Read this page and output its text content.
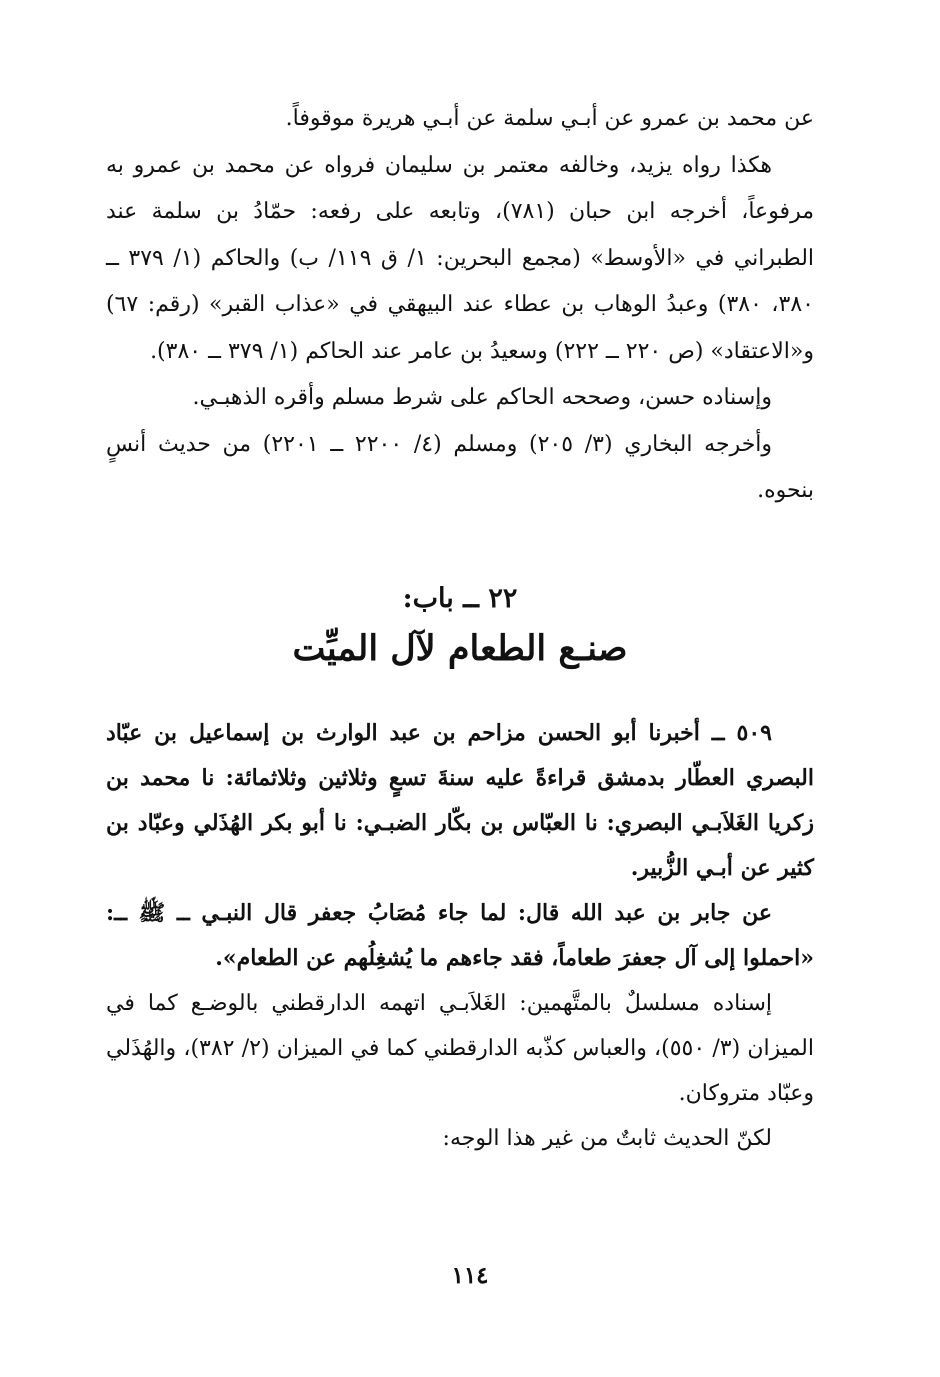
عن محمد بن عمرو عن أبـي سلمة عن أبـي هريرة موقوفاً.

هكذا رواه يزيد، وخالفه معتمر بن سليمان فرواه عن محمد بن عمرو به مرفوعاً، أخرجه ابن حبان (٧٨١)، وتابعه على رفعه: حمّادُ بن سلمة عند الطبراني في «الأوسط» (مجمع البحرين: ١/ ق ١١٩/ ب) والحاكم (١/ ٣٧٩ ــ ٣٨٠، ٣٨٠) وعبدُ الوهاب بن عطاء عند البيهقي في «عذاب القبر» (رقم: ٦٧) و«الاعتقاد» (ص ٢٢٠ ــ ٢٢٢) وسعيدُ بن عامر عند الحاكم (١/ ٣٧٩ ــ ٣٨٠).

وإسناده حسن، وصححه الحاكم على شرط مسلم وأقره الذهبـي.

وأخرجه البخاري (٣/ ٢٠٥) ومسلم (٤/ ٢٢٠٠ ــ ٢٢٠١) من حديث أنسٍ بنحوه.

٢٢ ــ باب:
صنـع الطعام لآل الميِّت

٥٠٩ ــ أخبرنا أبو الحسن مزاحم بن عبد الوارث بن إسماعيل بن عبّاد البصري العطّار بدمشق قراءةً عليه سنةَ تسعٍ وثلاثين وثلاثمائة: نا محمد بن زكريا الغَلاَبـي البصري: نا العبّاس بن بكّار الضبـي: نا أبو بكر الهُذَلي وعبّاد بن كثير عن أبـي الزُّبير.

عن جابر بن عبد الله قال: لما جاء مُصَابُ جعفر قال النبـي ــ ﷺ ــ: «احملوا إلى آل جعفرَ طعاماً، فقد جاءهم ما يُشغِلُهم عن الطعام».

إسناده مسلسلٌ بالمتَّهمين: الغَلاَبـي اتهمه الدارقطني بالوضـع كما في الميزان (٣/ ٥٥٠)، والعباس كذّبه الدارقطني كما في الميزان (٢/ ٣٨٢)، والهُذَلي وعبّاد متروكان.

لكنّ الحديث ثابتٌ من غير هذا الوجه:

١١٤
